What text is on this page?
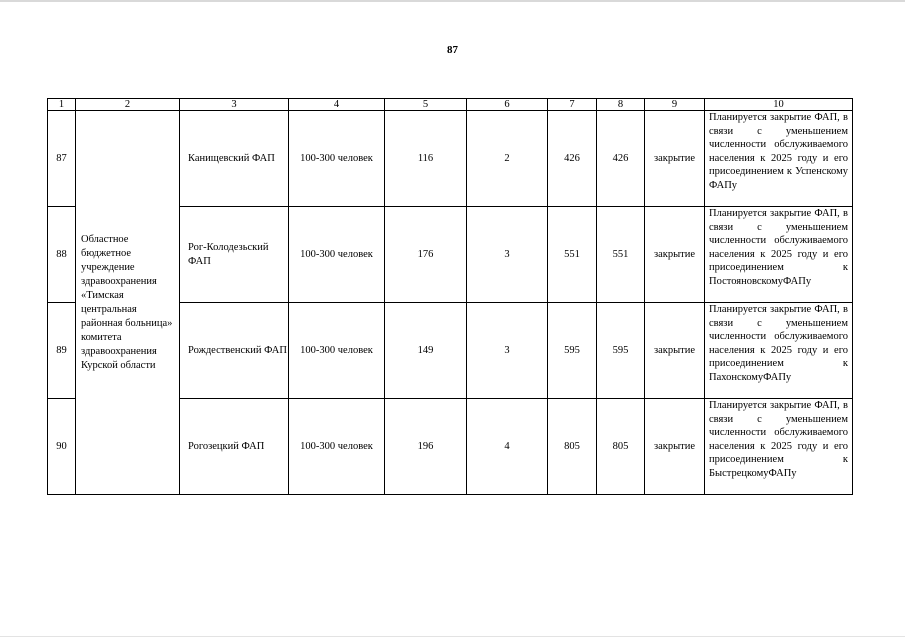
87
1	2	3	4	5	6	7	8	9	10
87	Областное бюджетное учреждение здравоохранения «Тимская центральная районная больница» комитета здравоохранения Курской области	Канищевский ФАП	100-300 человек	116	2	426	426	закрытие	Планируется закрытие ФАП, в связи с уменьшением численности обслуживаемого населения к 2025 году и его присоединением к Успенскому ФАПу
88		Рог-Колодезьский ФАП	100-300 человек	176	3	551	551	закрытие	Планируется закрытие ФАП, в связи с уменьшением численности обслуживаемого населения к 2025 году и его присоединением к ПостояновскомуФАПу
89		Рождественский ФАП	100-300 человек	149	3	595	595	закрытие	Планируется закрытие ФАП, в связи с уменьшением численности обслуживаемого населения к 2025 году и его присоединением к ПахонскомуФАПу
90		Рогозецкий ФАП	100-300 человек	196	4	805	805	закрытие	Планируется закрытие ФАП, в связи с уменьшением численности обслуживаемого населения к 2025 году и его присоединением к БыстрецкомуФАПу
